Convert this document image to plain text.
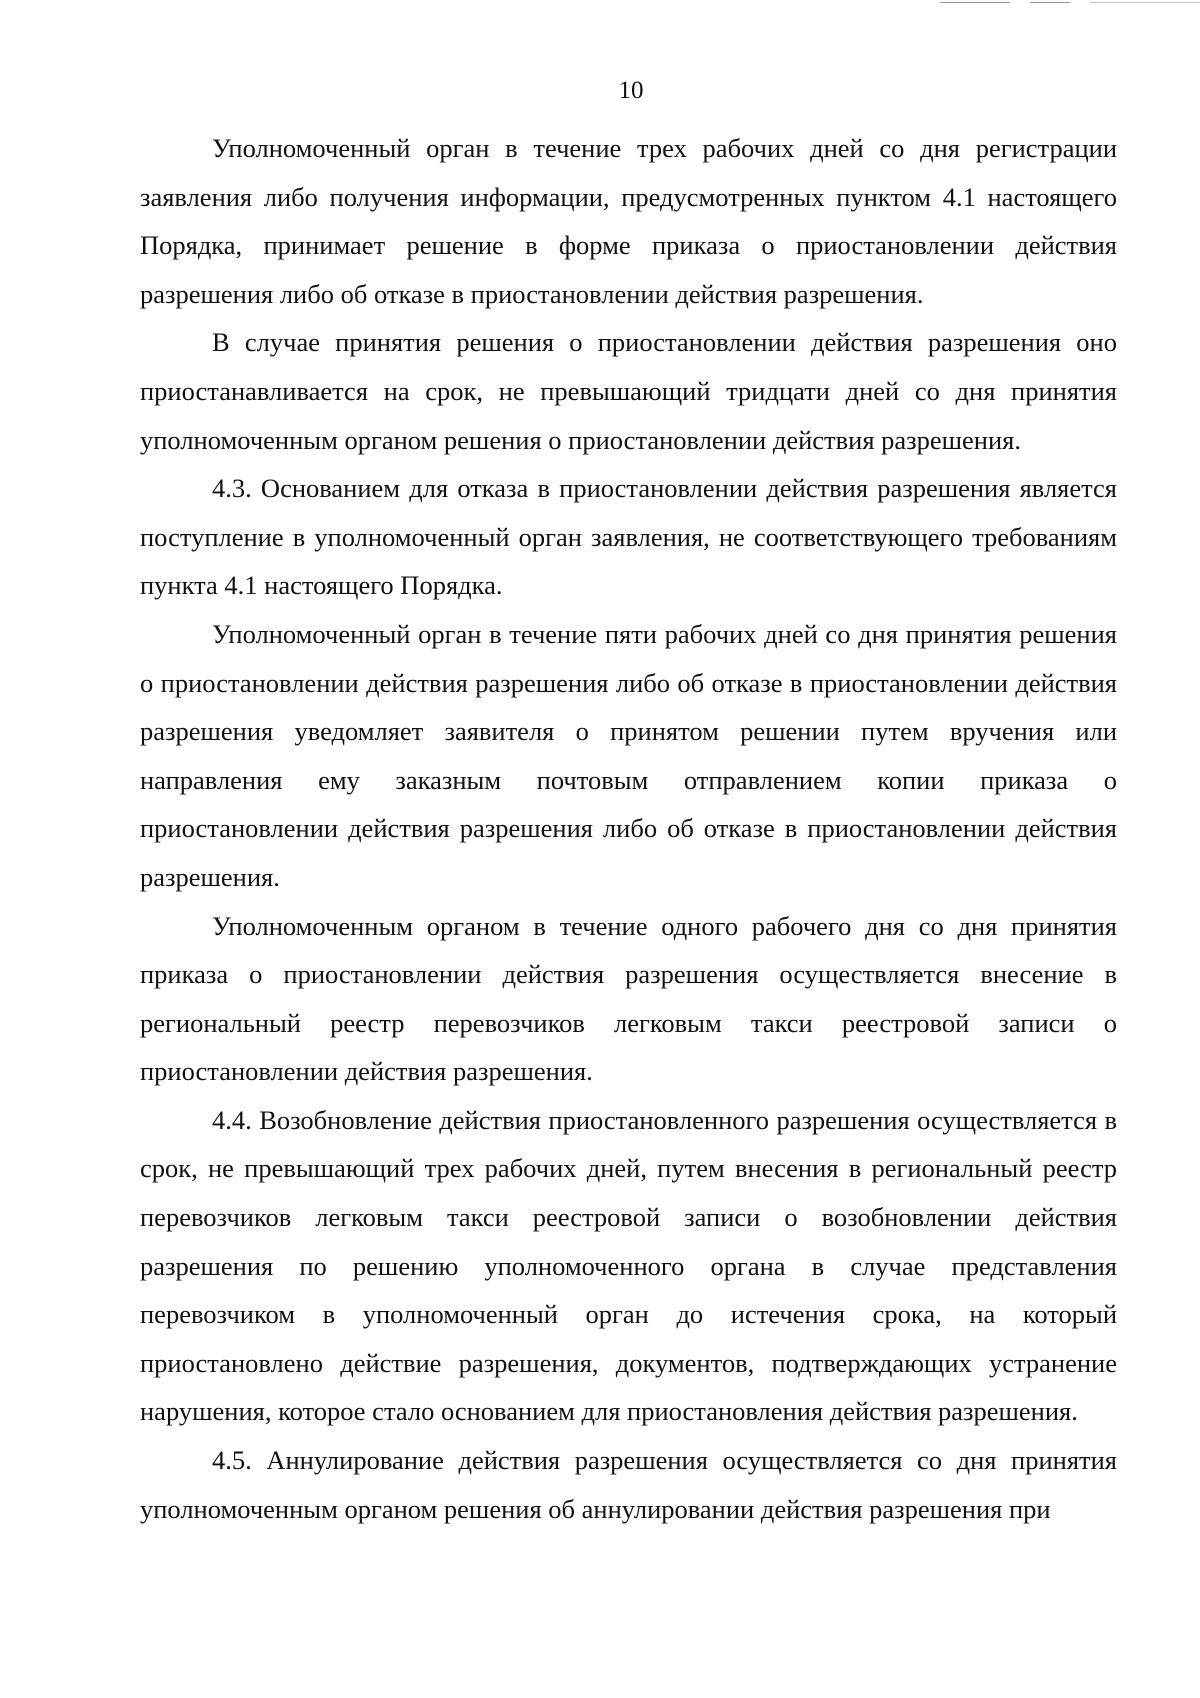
10

Уполномоченный орган в течение трех рабочих дней со дня регистрации заявления либо получения информации, предусмотренных пунктом 4.1 настоящего Порядка, принимает решение в форме приказа о приостановлении действия разрешения либо об отказе в приостановлении действия разрешения.

В случае принятия решения о приостановлении действия разрешения оно приостанавливается на срок, не превышающий тридцати дней со дня принятия уполномоченным органом решения о приостановлении действия разрешения.

4.3. Основанием для отказа в приостановлении действия разрешения является поступление в уполномоченный орган заявления, не соответствующего требованиям пункта 4.1 настоящего Порядка.

Уполномоченный орган в течение пяти рабочих дней со дня принятия решения о приостановлении действия разрешения либо об отказе в приостановлении действия разрешения уведомляет заявителя о принятом решении путем вручения или направления ему заказным почтовым отправлением копии приказа о приостановлении действия разрешения либо об отказе в приостановлении действия разрешения.

Уполномоченным органом в течение одного рабочего дня со дня принятия приказа о приостановлении действия разрешения осуществляется внесение в региональный реестр перевозчиков легковым такси реестровой записи о приостановлении действия разрешения.

4.4. Возобновление действия приостановленного разрешения осуществляется в срок, не превышающий трех рабочих дней, путем внесения в региональный реестр перевозчиков легковым такси реестровой записи о возобновлении действия разрешения по решению уполномоченного органа в случае представления перевозчиком в уполномоченный орган до истечения срока, на который приостановлено действие разрешения, документов, подтверждающих устранение нарушения, которое стало основанием для приостановления действия разрешения.

4.5. Аннулирование действия разрешения осуществляется со дня принятия уполномоченным органом решения об аннулировании действия разрешения при
